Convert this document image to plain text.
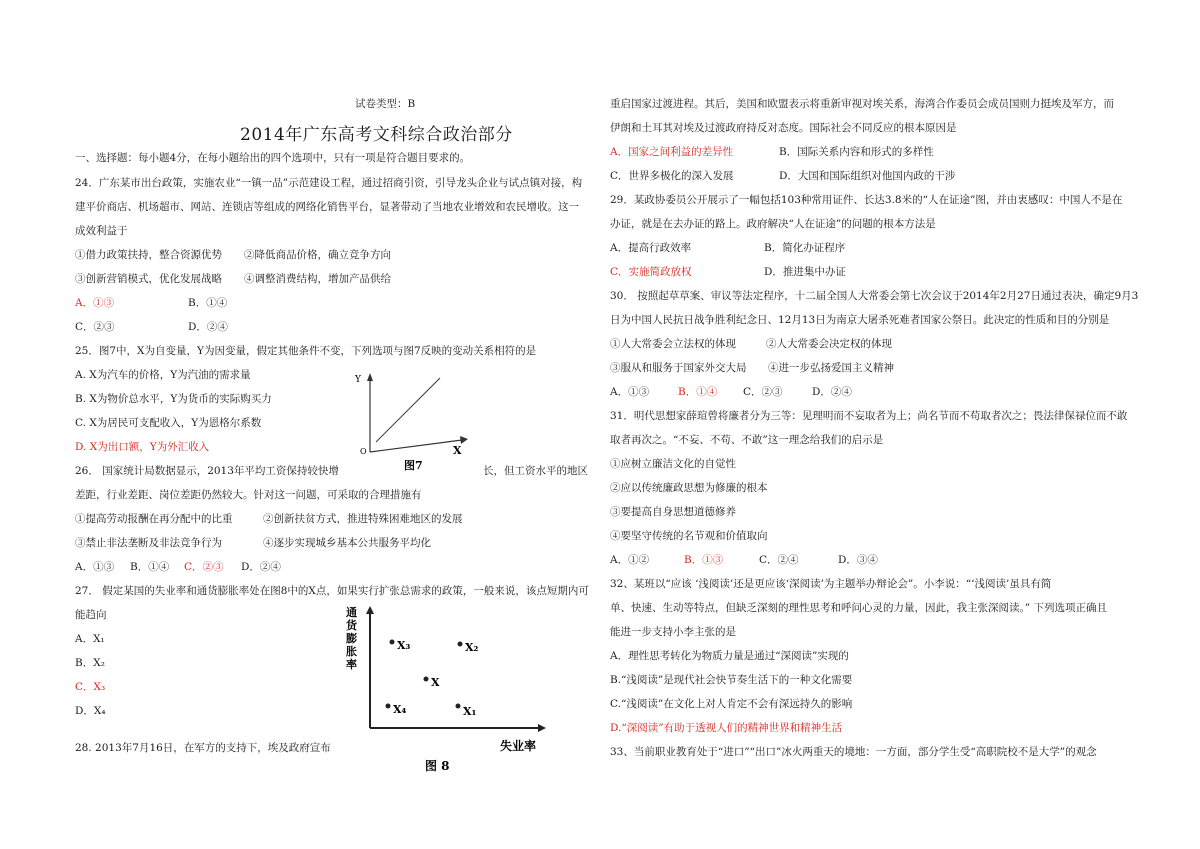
试卷类型：B
2014年广东高考文科综合政治部分
一、选择题：每小题4分，在每小题给出的四个选项中，只有一项是符合题目要求的。
24．广东某市出台政策，实施农业“一镇一品”示范建设工程，通过招商引资，引导龙头企业与试点镇对接，构
建平价商店、机场超市、网站、连锁店等组成的网络化销售平台，显著带动了当地农业增效和农民增收。这一
成效利益于
①借力政策扶持，整合资源优势 ②降低商品价格，确立竞争方向
③创新营销模式，优化发展战略 ④调整消费结构，增加产品供给
A．①③	B．①④
C．②③	D．②④
25．图7中，X为自变量，Y为因变量，假定其他条件不变，下列选项与图7反映的变动关系相符的是
A. X为汽车的价格，Y为汽油的需求量
B. X为物价总水平，Y为货币的实际购买力
C. X为居民可支配收入，Y为恩格尔系数
D. X为出口额，Y为外汇收入
Y
X
O
图7
26． 国家统计局数据显示，2013年平均工资保持较快增	长，但工资水平的地区
差距，行业差距、岗位差距仍然较大。针对这一问题，可采取的合理措施有
①提高劳动报酬在再分配中的比重	②创新扶贫方式，推进特殊困难地区的发展
③禁止非法垄断及非法竞争行为	④逐步实现城乡基本公共服务平均化
A．①③ B．①④ C．②③ D．②④
27． 假定某国的失业率和通货膨胀率处在图8中的X点，如果实行扩张总需求的政策，一般来说，该点短期内可
能趋向
A．X₁
B．X₂
C．X₃
D．X₄
通
货
膨
胀
率
X₃	X₂
X
X₄	X₁
失业率
图 8
28. 2013年7月16日，在军方的支持下，埃及政府宣布
重启国家过渡进程。其后，美国和欧盟表示将重新审视对埃关系，海湾合作委员会成员国则力挺埃及军方，而
伊朗和土耳其对埃及过渡政府持反对态度。国际社会不同反应的根本原因是
A．国家之间利益的差异性	B．国际关系内容和形式的多样性
C．世界多极化的深入发展	D．大国和国际组织对他国内政的干涉
29．某政协委员公开展示了一幅包括103种常用证件、长达3.8米的“人在证途”图，并由衷感叹：中国人不是在
办证，就是在去办证的路上。政府解决“人在证途”的问题的根本方法是
A．提高行政效率	B．简化办证程序
C．实施简政放权	D．推进集中办证
30． 按照起草草案、审议等法定程序，十二届全国人大常委会第七次会议于2014年2月27日通过表决，确定9月3
日为中国人民抗日战争胜利纪念日、12月13日为南京大屠杀死难者国家公祭日。此决定的性质和目的分别是
①人大常委会立法权的体现	②人大常委会决定权的体现
③服从和服务于国家外交大局 ④进一步弘扬爱国主义精神
A．①③	B．①④ C．②③	D．②④
31．明代思想家薛瑄曾将廉者分为三等：见理明而不妄取者为上；尚名节而不苟取者次之；畏法律保禄位而不敢
取者再次之。“不妄、不苟、不敢”这一理念给我们的启示是
①应树立廉洁文化的自觉性
②应以传统廉政思想为修廉的根本
③要提高自身思想道德修养
④要坚守传统的名节观和价值取向
A．①②	B．①③	C．②④	D．③④
32、某班以“应该 ‘浅阅读’还是更应该‘深阅读’为主题举办辩论会”。小李说：“‘浅阅读’虽具有简
单、快速、生动等特点，但缺乏深刻的理性思考和呼问心灵的力量，因此，我主张深阅读。” 下列选项正确且
能进一步支持小李主张的是
A．理性思考转化为物质力量是通过“深阅读”实现的
B.“浅阅读”是现代社会快节奏生活下的一种文化需要
C.“浅阅读”在文化上对人肯定不会有深远持久的影响
D.“深阅读”有助于透视人们的精神世界和精神生活
33、当前职业教育处于“进口”“出口”冰火两重天的境地：一方面，部分学生受“高职院校不是大学”的观念
